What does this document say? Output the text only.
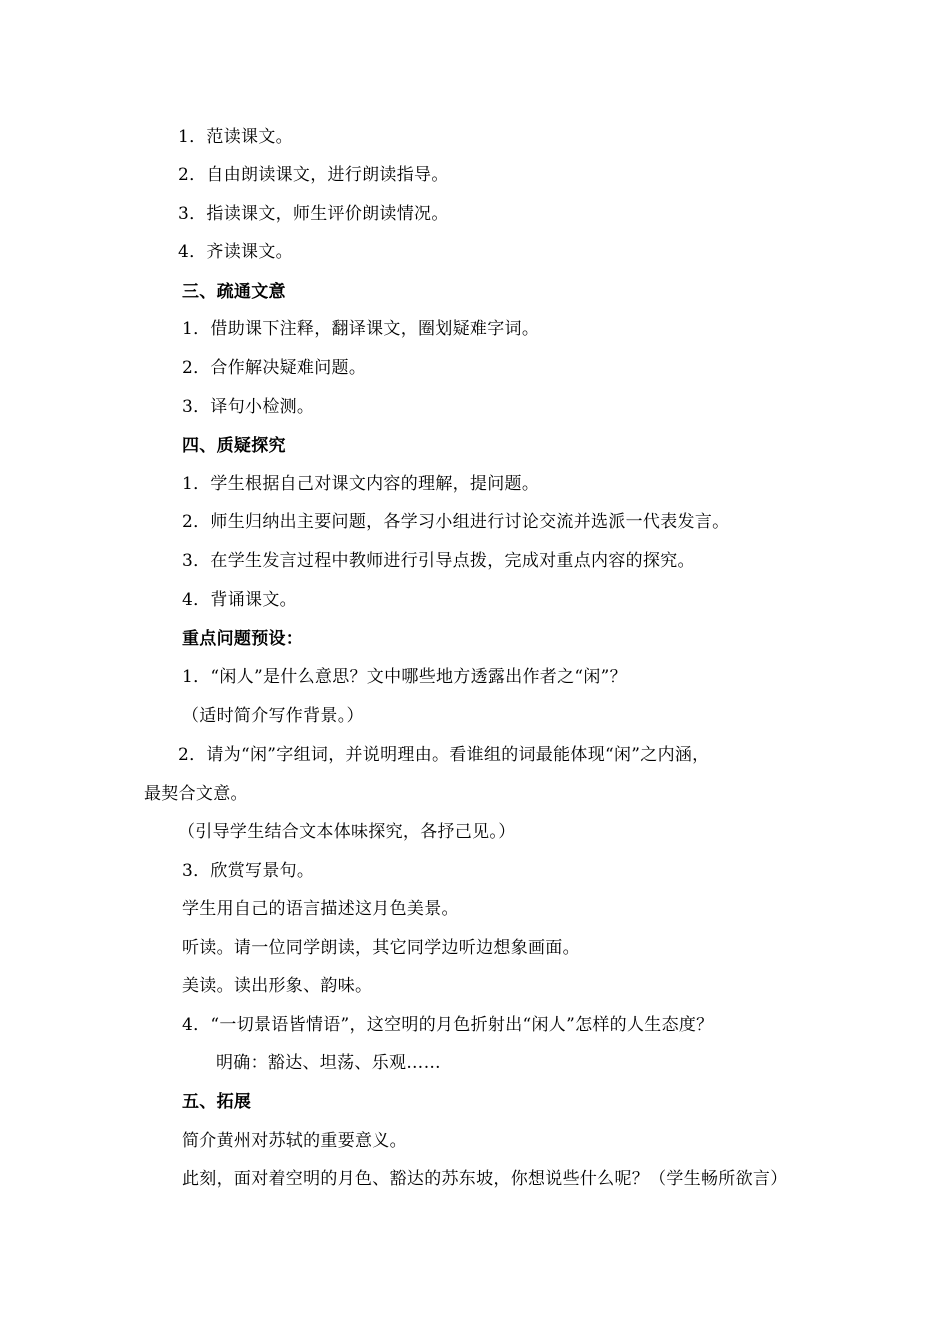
1．范读课文。
2．自由朗读课文，进行朗读指导。
3．指读课文，师生评价朗读情况。
4．齐读课文。
三、疏通文意
1．借助课下注释，翻译课文，圈划疑难字词。
2．合作解决疑难问题。
3．译句小检测。
四、质疑探究
1．学生根据自己对课文内容的理解，提问题。
2．师生归纳出主要问题，各学习小组进行讨论交流并选派一代表发言。
3．在学生发言过程中教师进行引导点拨，完成对重点内容的探究。
4．背诵课文。
重点问题预设：
1．“闲人”是什么意思？文中哪些地方透露出作者之“闲”？
（适时简介写作背景。）
2．请为“闲”字组词，并说明理由。看谁组的词最能体现“闲”之内涵，
最契合文意。
（引导学生结合文本体味探究，各抒己见。）
3．欣赏写景句。
学生用自己的语言描述这月色美景。
听读。请一位同学朗读，其它同学边听边想象画面。
美读。读出形象、韵味。
4．“一切景语皆情语”，这空明的月色折射出“闲人”怎样的人生态度？
明确：豁达、坦荡、乐观……
五、拓展
简介黄州对苏轼的重要意义。
此刻，面对着空明的月色、豁达的苏东坡，你想说些什么呢？（学生畅所欲言）
